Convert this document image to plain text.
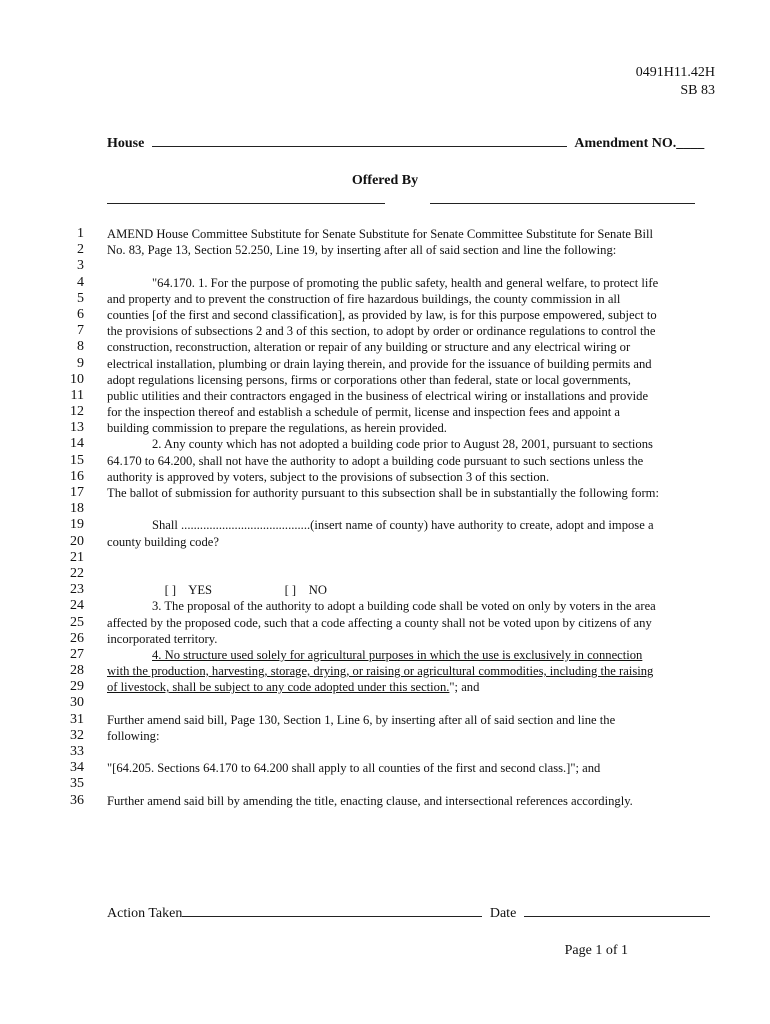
0491H11.42H
SB 83
House	Amendment NO.____
Offered By
1
2
3
4
5
6
7
8
9
10
11
12
13
14
15
16
17
18
19
20
21
22
23
24
25
26
27
28
29
30
31
32
33
34
35
36
AMEND House Committee Substitute for Senate Substitute for Senate Committee Substitute for Senate Bill
No. 83, Page 13, Section 52.250, Line 19, by inserting after all of said section and line the following:
"64.170. 1. For the purpose of promoting the public safety, health and general welfare, to protect life
and property and to prevent the construction of fire hazardous buildings, the county commission in all
counties [of the first and second classification], as provided by law, is for this purpose empowered, subject to
the provisions of subsections 2 and 3 of this section, to adopt by order or ordinance regulations to control the
construction, reconstruction, alteration or repair of any building or structure and any electrical wiring or
electrical installation, plumbing or drain laying therein, and provide for the issuance of building permits and
adopt regulations licensing persons, firms or corporations other than federal, state or local governments,
public utilities and their contractors engaged in the business of electrical wiring or installations and provide
for the inspection thereof and establish a schedule of permit, license and inspection fees and appoint a
building commission to prepare the regulations, as herein provided.
2. Any county which has not adopted a building code prior to August 28, 2001, pursuant to sections
64.170 to 64.200, shall not have the authority to adopt a building code pursuant to such sections unless the
authority is approved by voters, subject to the provisions of subsection 3 of this section.
The ballot of submission for authority pursuant to this subsection shall be in substantially the following form:
Shall .........................................(insert name of county) have authority to create, adopt and impose a
county building code?

[ ]    YES	[ ]    NO

3. The proposal of the authority to adopt a building code shall be voted on only by voters in the area
affected by the proposed code, such that a code affecting a county shall not be voted upon by citizens of any
incorporated territory.
4. No structure used solely for agricultural purposes in which the use is exclusively in connection
with the production, harvesting, storage, drying, or raising or agricultural commodities, including the raising
of livestock, shall be subject to any code adopted under this section."; and
Further amend said bill, Page 130, Section 1, Line 6, by inserting after all of said section and line the
following:
"[64.205. Sections 64.170 to 64.200 shall apply to all counties of the first and second class.]"; and
Further amend said bill by amending the title, enacting clause, and intersectional references accordingly.
Action Taken	Date
Page 1 of 1
